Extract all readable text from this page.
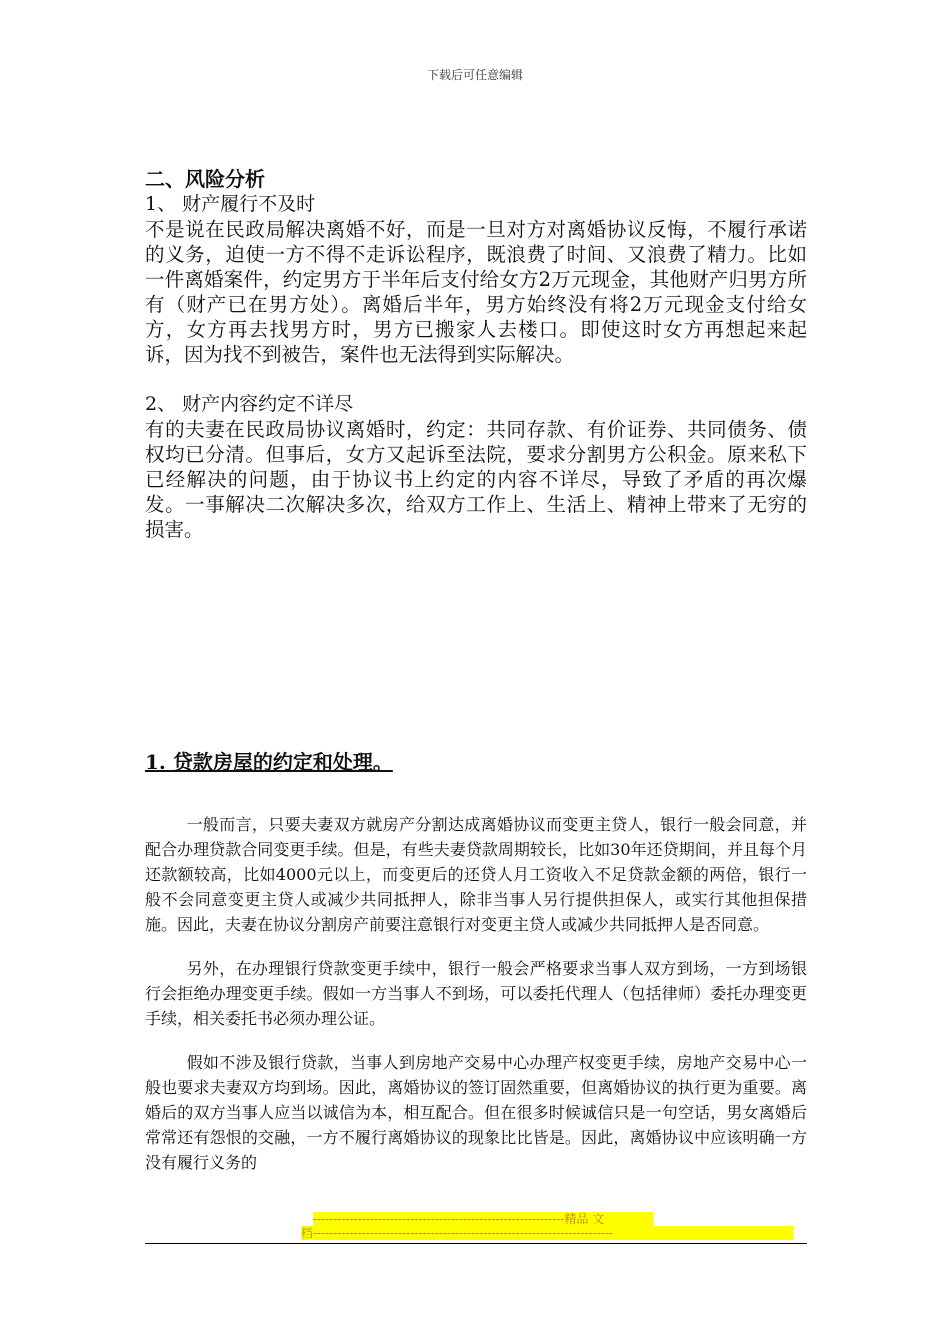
下载后可任意编辑

二、风险分析

1、 财产履行不及时

不是说在民政局解决离婚不好，而是一旦对方对离婚协议反悔，不履行承诺的义务，迫使一方不得不走诉讼程序，既浪费了时间、又浪费了精力。比如一件离婚案件，约定男方于半年后支付给女方2万元现金，其他财产归男方所有（财产已在男方处）。离婚后半年，男方始终没有将2万元现金支付给女方，女方再去找男方时，男方已搬家人去楼口。即使这时女方再想起来起诉，因为找不到被告，案件也无法得到实际解决。

2、 财产内容约定不详尽

有的夫妻在民政局协议离婚时，约定：共同存款、有价证券、共同债务、债权均已分清。但事后，女方又起诉至法院，要求分割男方公积金。原来私下已经解决的问题，由于协议书上约定的内容不详尽，导致了矛盾的再次爆发。一事解决二次解决多次，给双方工作上、生活上、精神上带来了无穷的损害。

1. 贷款房屋的约定和处理。

一般而言，只要夫妻双方就房产分割达成离婚协议而变更主贷人，银行一般会同意，并配合办理贷款合同变更手续。但是，有些夫妻贷款周期较长，比如30年还贷期间，并且每个月还款额较高，比如4000元以上，而变更后的还贷人月工资收入不足贷款金额的两倍，银行一般不会同意变更主贷人或减少共同抵押人，除非当事人另行提供担保人，或实行其他担保措施。因此，夫妻在协议分割房产前要注意银行对变更主贷人或减少共同抵押人是否同意。

另外，在办理银行贷款变更手续中，银行一般会严格要求当事人双方到场，一方到场银行会拒绝办理变更手续。假如一方当事人不到场，可以委托代理人（包括律师）委托办理变更手续，相关委托书必须办理公证。

假如不涉及银行贷款，当事人到房地产交易中心办理产权变更手续，房地产交易中心一般也要求夫妻双方均到场。因此，离婚协议的签订固然重要，但离婚协议的执行更为重要。离婚后的双方当事人应当以诚信为本，相互配合。但在很多时候诚信只是一句空话，男女离婚后常常还有怨恨的交融，一方不履行离婚协议的现象比比皆是。因此，离婚协议中应该明确一方没有履行义务的

--------------------------------------------------------------精品 文
档--------------------------------------------------------------------------
